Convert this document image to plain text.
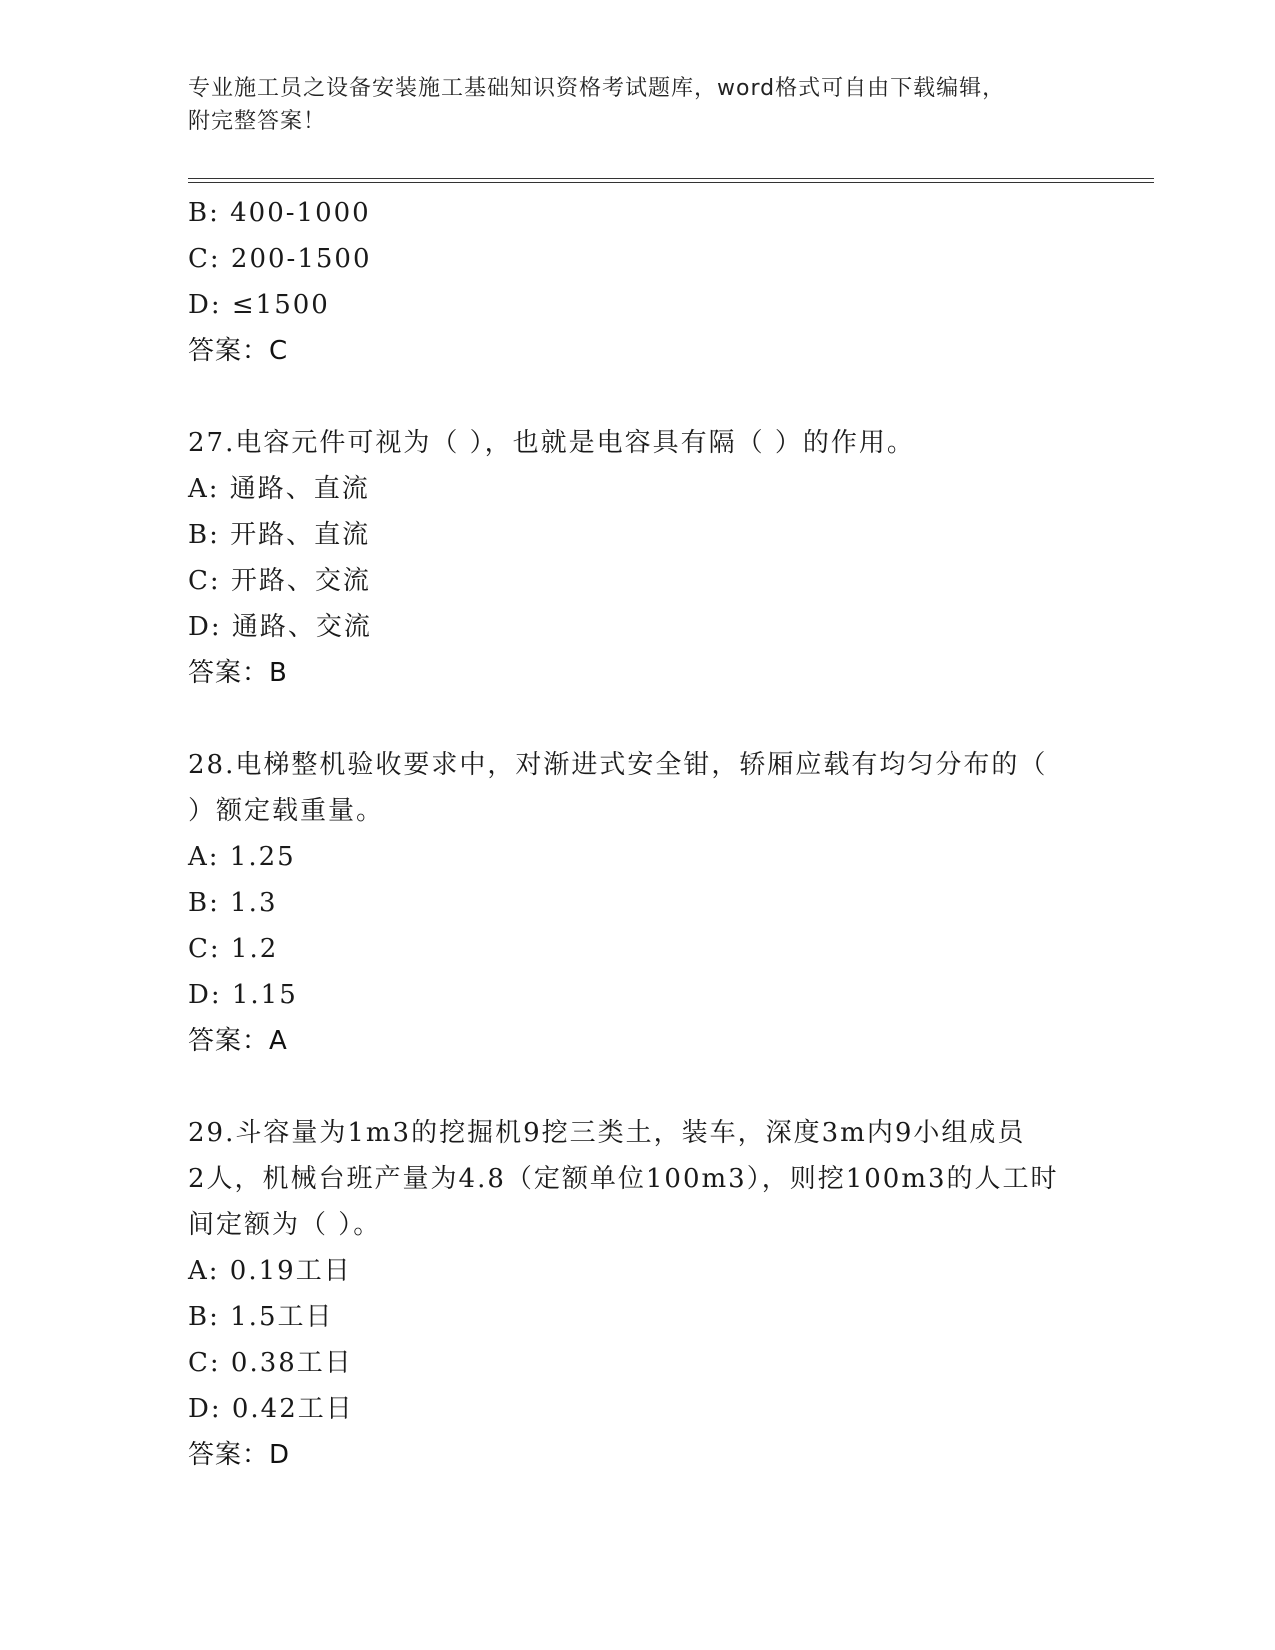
专业施工员之设备安装施工基础知识资格考试题库，word格式可自由下载编辑，
附完整答案！
B: 400-1000
C: 200-1500
D: ≤1500
答案：C
27.电容元件可视为（ ），也就是电容具有隔（ ）的作用。
A: 通路、直流
B: 开路、直流
C: 开路、交流
D: 通路、交流
答案：B
28.电梯整机验收要求中，对渐进式安全钳，轿厢应载有均匀分布的（
）额定载重量。
A: 1.25
B: 1.3
C: 1.2
D: 1.15
答案：A
29.斗容量为1m3的挖掘机9挖三类土，装车，深度3m内9小组成员
2人，机械台班产量为4.8（定额单位100m3），则挖100m3的人工时
间定额为（ ）。
A: 0.19工日
B: 1.5工日
C: 0.38工日
D: 0.42工日
答案：D
